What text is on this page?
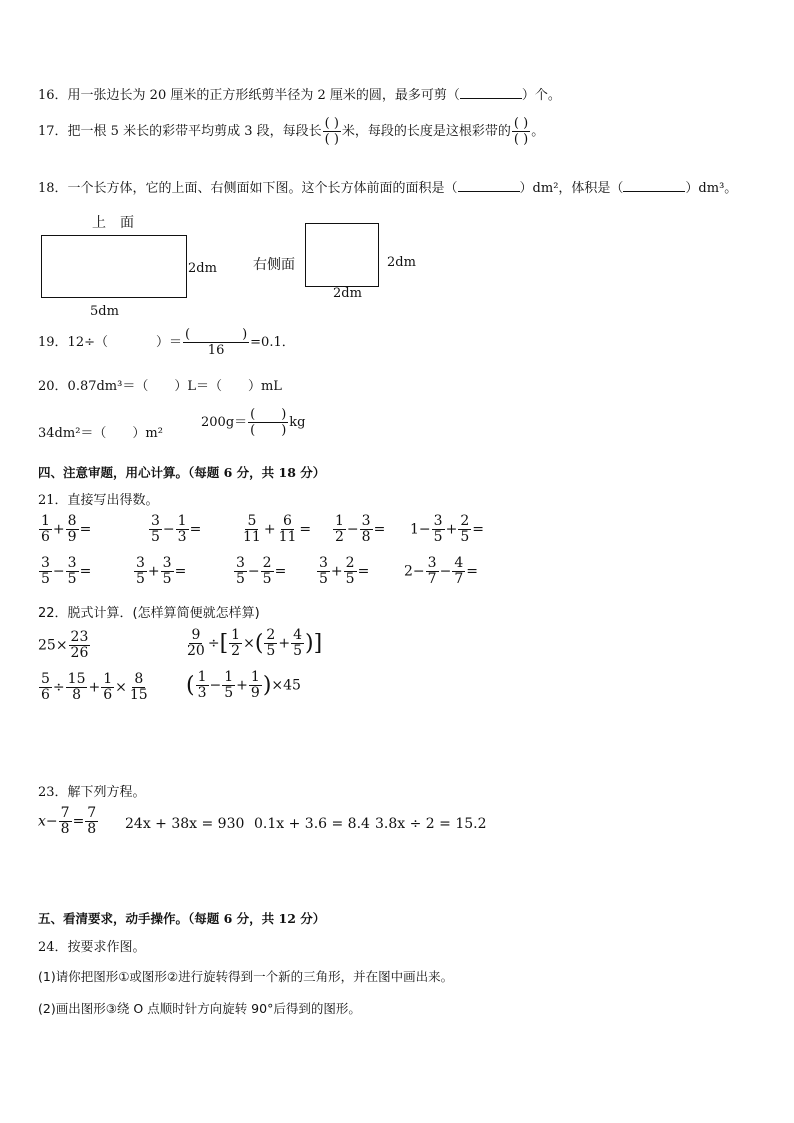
16．用一张边长为 20 厘米的正方形纸剪半径为 2 厘米的圆，最多可剪（	）个。
17．把一根 5 米长的彩带平均剪成 3 段，每段长 $\frac{( )}{( )}$ 米，每段的长度是这根彩带的 $\frac{( )}{( )}$ 。
18．一个长方体，它的上面、右侧面如下图。这个长方体前面的面积是（	）dm²，体积是（	）dm³。
上　面
2dm
5dm
右侧面	2dm
2dm
19．12÷（	）＝ $\frac{( )}{16} =0.1$．
20．0.87dm³＝（　　）L＝（　　）mL
34dm²＝（　　）m²
$200g= \frac{( )}{( )}$ kg
四、注意审题，用心计算。（每题 6 分，共 18 分）
21．直接写出得数。
$\frac{1}{6} + \frac{8}{9}$ =	$\frac{3}{5} - \frac{1}{3}$ =	$\frac{5}{11} + \frac{6}{11} = \frac{1}{2} - \frac{3}{8} = 1- \frac{3}{5} + \frac{2}{5}$ =
$\frac{3}{5} - \frac{3}{5}$ =	$\frac{3}{5} + \frac{3}{5}$ =	$\frac{3}{5} - \frac{2}{5} = \frac{3}{5} + \frac{2}{5} = 2- \frac{3}{7} - \frac{4}{7}$ =
22．脱式计算．(怎样算简便就怎样算)
$25\times \frac{23}{26}$	$\frac{9}{20}$ ÷[ $\frac{1}{2}$ ×( $\frac{2}{5} + \frac{4}{5}$ )]
$\frac{5}{6} \div \frac{15}{8} + \frac{1}{6} \times \frac{8}{15}$ ( $\frac{1}{3} - \frac{1}{5} + \frac{1}{9} )\times 45$
23．解下列方程。
$x- \frac{7}{8} = \frac{7}{8} 24x + 38x = 930$ 0.1x + 3.6 = 8.4 3.8x ÷ 2 = 15.2
五、看清要求，动手操作。（每题 6 分，共 12 分）
24．按要求作图。
(1)请你把图形①或图形②进行旋转得到一个新的三角形，并在图中画出来。
(2)画出图形③绕 O 点顺时针方向旋转 90°后得到的图形。
